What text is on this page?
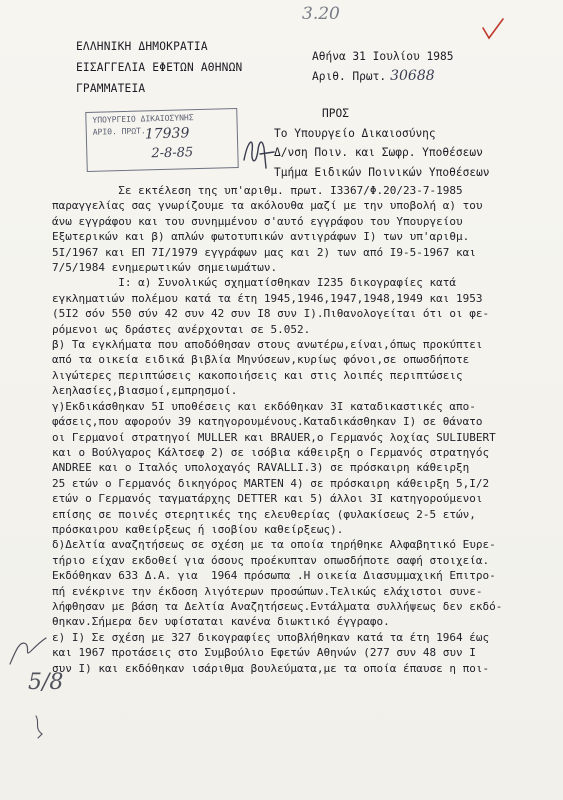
3.20
ΕΛΛΗΝΙΚΗ ΔΗΜΟΚΡΑΤΙΑ
ΕΙΣΑΓΓΕΛΙΑ ΕΦΕΤΩΝ ΑΘΗΝΩΝ
ΓΡΑΜΜΑΤΕΙΑ
Αθήνα 31 Ιουλίου 1985
Αριθ. Πρωτ. 30688
ΠΡΟΣ
Το Υπουργείο Δικαιοσύνης
Δ/νση Ποιν. και Σωφρ. Υποθέσεων
Τμήμα Ειδικών Ποινικών Υποθέσεων
ΥΠΟΥΡΓΕΙΟ ΔΙΚΑΙΟΣΥΝΗΣ
ΑΡΙΘ. ΠΡΩΤ.
17939
2-8-85

Σε εκτέλεση της υπ'αριθμ. πρωτ. Ι3367/Φ.20/23-7-1985

παραγγελίας σας γνωρίζουμε τα ακόλουθα μαζί με την υποβολή α) του

άνω εγγράφου και του συνημμένου σ'αυτό εγγράφου του Υπουργείου

Εξωτερικών και β) απλών φωτοτυπικών αντιγράφων Ι) των υπ'αριθμ.

5Ι/1967 και ΕΠ 7Ι/1979 εγγράφων μας και 2) των από Ι9-5-1967 και

7/5/1984 ενημερωτικών σημειωμάτων.

Ι: α) Συνολικώς σχηματίσθηκαν Ι235 δικογραφίες κατά

εγκληματιών πολέμου κατά τα έτη 1945,1946,1947,1948,1949 και 1953

(5Ι2 σόν 550 σύν 42 συν 42 συν Ι8 συν Ι).Πιθανολογείται ότι οι φε-

ρόμενοι ως δράστες ανέρχονται σε 5.052.

β) Τα εγκλήματα που αποδόθησαν στους ανωτέρω,είναι,όπως προκύπτει

από τα οικεία ειδικά βιβλία Μηνύσεων,κυρίως φόνοι,σε οπωσδήποτε

λιγώτερες περιπτώσεις κακοποιήσεις και στις λοιπές περιπτώσεις

λεηλασίες,βιασμοί,εμπρησμοί.

γ)Εκδικάσθηκαν 5Ι υποθέσεις και εκδόθηκαν 3Ι καταδικαστικές απο-

φάσεις,που αφορούν 39 κατηγορουμένους.Καταδικάσθηκαν Ι) σε θάνατο

οι Γερμανοί στρατηγοί MULLER και BRAUER,ο Γερμανός λοχίας SULIUBERT

και ο Βούλγαρος Κάλτσεφ 2) σε ισόβια κάθειρξη ο Γερμανός στρατηγός

ANDREE και ο Ιταλός υπολοχαγός RAVALLI.3) σε πρόσκαιρη κάθειρξη

25 ετών ο Γερμανός δικηγόρος MARTEN 4) σε πρόσκαιρη κάθειρξη 5,Ι/2

ετών ο Γερμανός ταγματάρχης DETTER και 5) άλλοι 3Ι κατηγορούμενοι

επίσης σε ποινές στερητικές της ελευθερίας (φυλακίσεως 2-5 ετών,

πρόσκαιρου καθείρξεως ή ισοβίου καθείρξεως).

δ)Δελτία αναζητήσεως σε σχέση με τα οποία τηρήθηκε Αλφαβητικό Ευρε-

τήριο είχαν εκδοθεί για όσους προέκυπταν οπωσδήποτε σαφή στοιχεία.

Εκδόθηκαν 633 Δ.Α. για  1964 πρόσωπα .Η οικεία Διασυμμαχική Επιτρο-

πή ενέκρινε την έκδοση λιγότερων προσώπων.Τελικώς ελάχιστοι συνε-

λήφθησαν με βάση τα Δελτία Αναζητήσεως.Εντάλματα συλλήψεως δεν εκδό-

θηκαν.Σήμερα δεν υφίσταται κανένα διωκτικό έγγραφο.

ε) Ι) Σε σχέση με 327 δικογραφίες υποβλήθηκαν κατά τα έτη 1964 έως

και 1967 προτάσεις στο Συμβούλιο Εφετών Αθηνών (277 συν 48 συν Ι

συν Ι) και εκδόθηκαν ισάριθμα βουλεύματα,με τα οποία έπαυσε η ποι-

5/8
